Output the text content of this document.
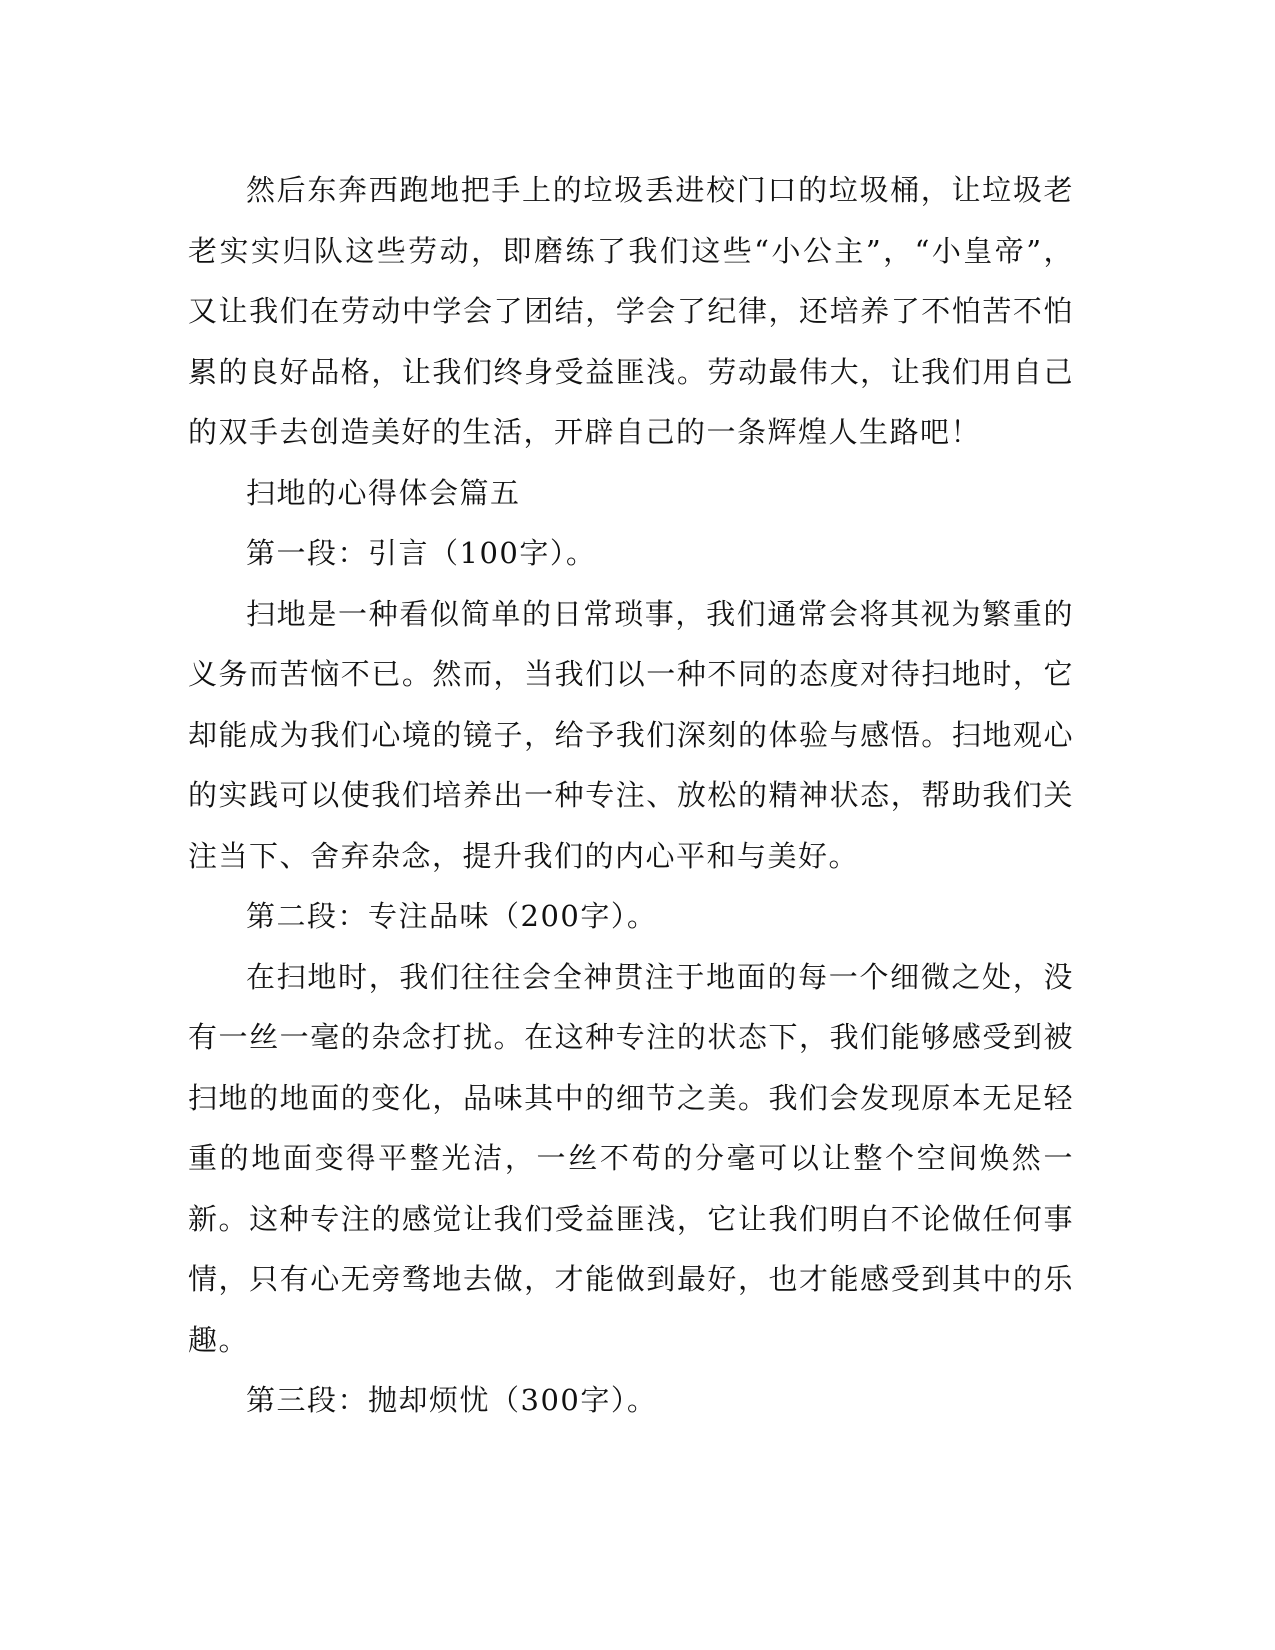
然后东奔西跑地把手上的垃圾丢进校门口的垃圾桶，让垃圾老老实实归队这些劳动，即磨练了我们这些“小公主”，“小皇帝”，又让我们在劳动中学会了团结，学会了纪律，还培养了不怕苦不怕累的良好品格，让我们终身受益匪浅。劳动最伟大，让我们用自己的双手去创造美好的生活，开辟自己的一条辉煌人生路吧！

扫地的心得体会篇五

第一段：引言（100字）。

扫地是一种看似简单的日常琐事，我们通常会将其视为繁重的义务而苦恼不已。然而，当我们以一种不同的态度对待扫地时，它却能成为我们心境的镜子，给予我们深刻的体验与感悟。扫地观心的实践可以使我们培养出一种专注、放松的精神状态，帮助我们关注当下、舍弃杂念，提升我们的内心平和与美好。

第二段：专注品味（200字）。

在扫地时，我们往往会全神贯注于地面的每一个细微之处，没有一丝一毫的杂念打扰。在这种专注的状态下，我们能够感受到被扫地的地面的变化，品味其中的细节之美。我们会发现原本无足轻重的地面变得平整光洁，一丝不苟的分毫可以让整个空间焕然一新。这种专注的感觉让我们受益匪浅，它让我们明白不论做任何事情，只有心无旁骛地去做，才能做到最好，也才能感受到其中的乐趣。

第三段：抛却烦忧（300字）。
